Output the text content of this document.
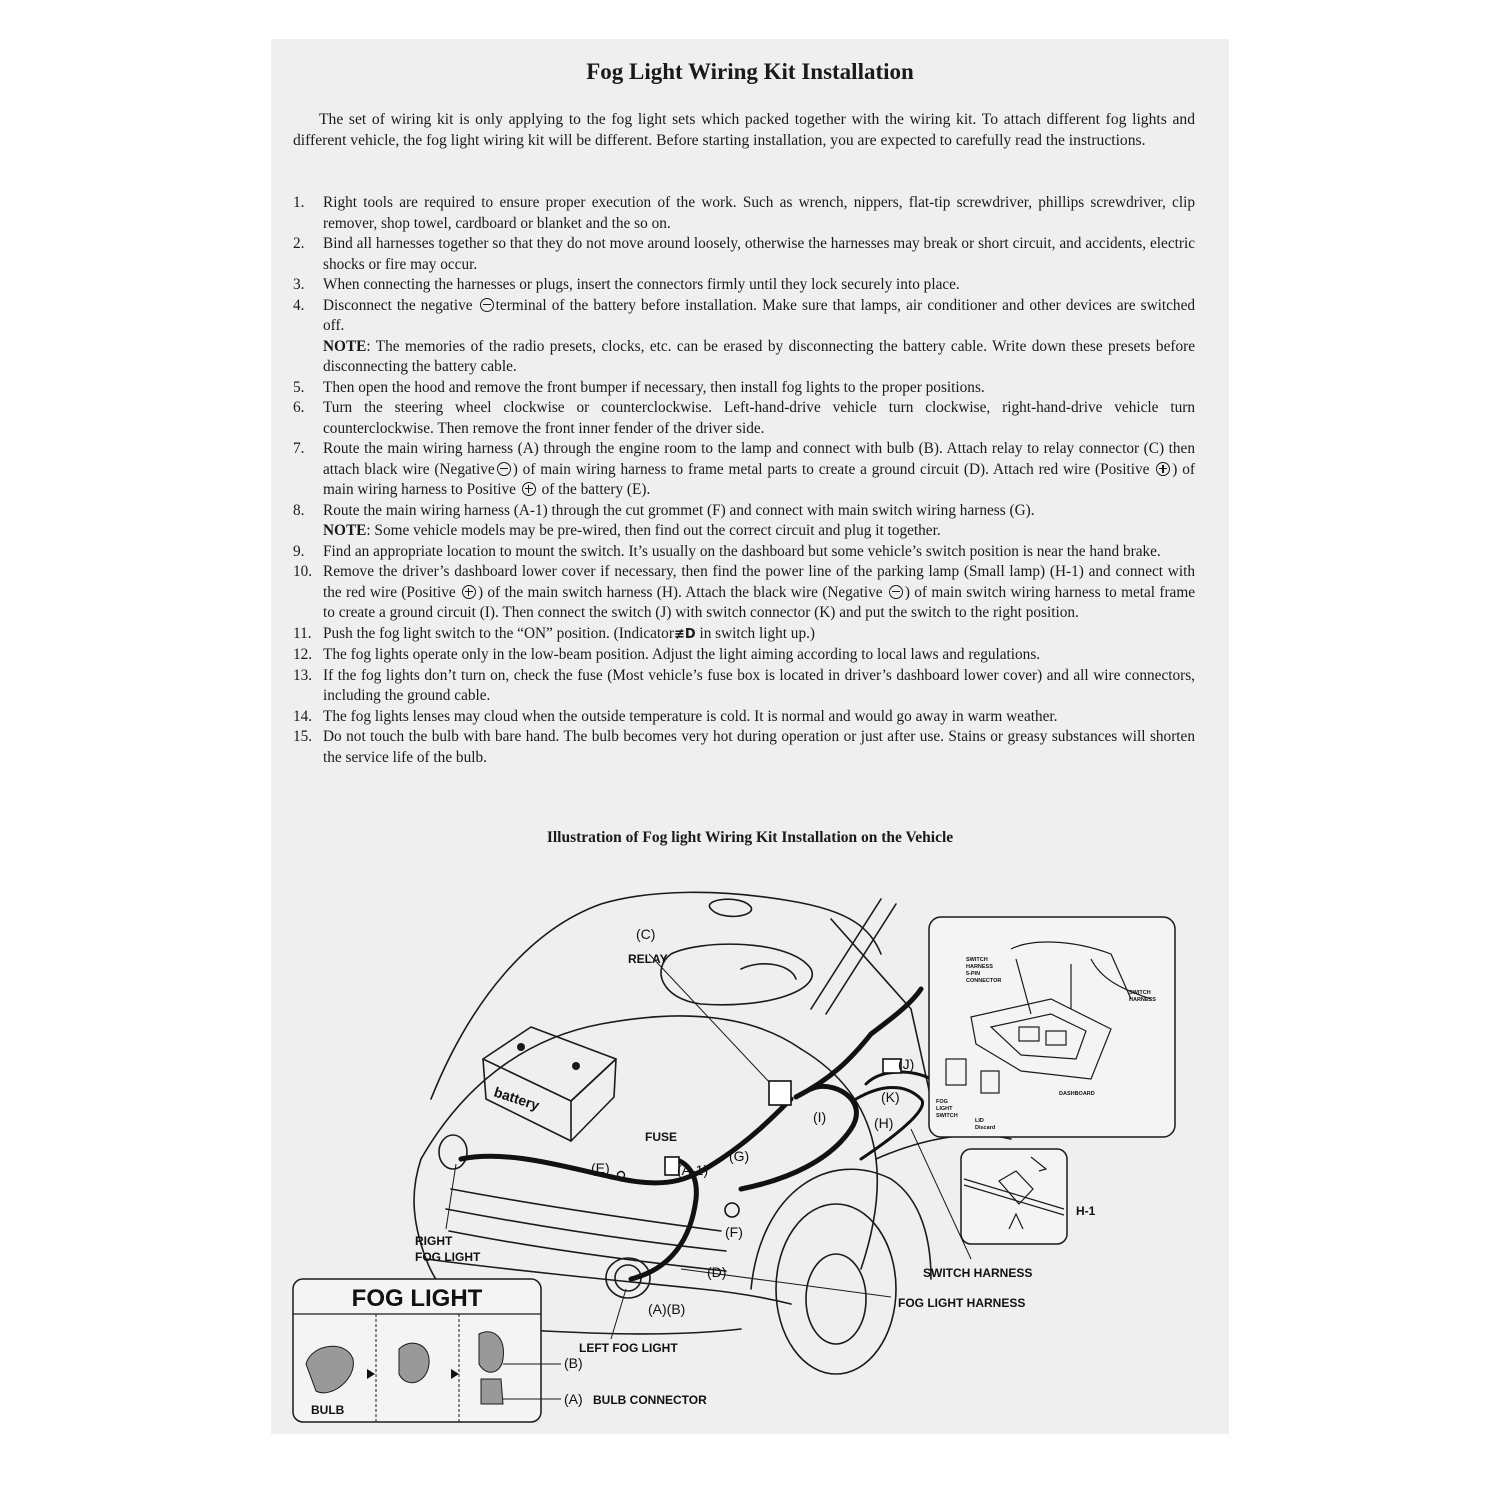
Fog Light Wiring Kit Installation

The set of wiring kit is only applying to the fog light sets which packed together with the wiring kit. To attach different fog lights and different vehicle, the fog light wiring kit will be different. Before starting installation, you are expected to carefully read the instructions.

1. Right tools are required to ensure proper execution of the work. Such as wrench, nippers, flat-tip screwdriver, phillips screwdriver, clip remover, shop towel, cardboard or blanket and the so on.
2. Bind all harnesses together so that they do not move around loosely, otherwise the harnesses may break or short circuit, and accidents, electric shocks or fire may occur.
3. When connecting the harnesses or plugs, insert the connectors firmly until they lock securely into place.
4. Disconnect the negative terminal of the battery before installation. Make sure that lamps, air conditioner and other devices are switched off.
NOTE: The memories of the radio presets, clocks, etc. can be erased by disconnecting the battery cable. Write down these presets before disconnecting the battery cable.
5. Then open the hood and remove the front bumper if necessary, then install fog lights to the proper positions.
6. Turn the steering wheel clockwise or counterclockwise. Left-hand-drive vehicle turn clockwise, right-hand-drive vehicle turn counterclockwise. Then remove the front inner fender of the driver side.
7. Route the main wiring harness (A) through the engine room to the lamp and connect with bulb (B). Attach relay to relay connector (C) then attach black wire (Negative ) of main wiring harness to frame metal parts to create a ground circuit (D). Attach red wire (Positive ) of main wiring harness to Positive of the battery (E).
8. Route the main wiring harness (A-1) through the cut grommet (F) and connect with main switch wiring harness (G).
NOTE: Some vehicle models may be pre-wired, then find out the correct circuit and plug it together.
9. Find an appropriate location to mount the switch. It’s usually on the dashboard but some vehicle’s switch position is near the hand brake.
10. Remove the driver’s dashboard lower cover if necessary, then find the power line of the parking lamp (Small lamp) (H-1) and connect with the red wire (Positive ) of the main switch harness (H). Attach the black wire (Negative ) of main switch wiring harness to metal frame to create a ground circuit (I). Then connect the switch (J) with switch connector (K) and put the switch to the right position.
11. Push the fog light switch to the “ON” position. (Indicator≢D in switch light up.)
12. The fog lights operate only in the low-beam position. Adjust the light aiming according to local laws and regulations.
13. If the fog lights don’t turn on, check the fuse (Most vehicle’s fuse box is located in driver’s dashboard lower cover) and all wire connectors, including the ground cable.
14. The fog lights lenses may cloud when the outside temperature is cold. It is normal and would go away in warm weather.
15. Do not touch the bulb with bare hand. The bulb becomes very hot during operation or just after use. Stains or greasy substances will shorten the service life of the bulb.
Illustration of Fog light Wiring Kit Installation on the Vehicle
battery
(C)
RELAY
FUSE
(E)	(A-1)
(G)
(F)
(D)
(I)
(J)
(K)
(H)
(A)(B)
RIGHT
FOG LIGHT
LEFT FOG LIGHT
SWITCH HARNESS
FOG LIGHT HARNESS
H-1
SWITCH
HARNESS
5-PIN
CONNECTOR
SWITCH
HARNESS
DASHBOARD
FOG
LIGHT
SWITCH
LID
Discard
FOG LIGHT
BULB
(B)
(A) BULB CONNECTOR
